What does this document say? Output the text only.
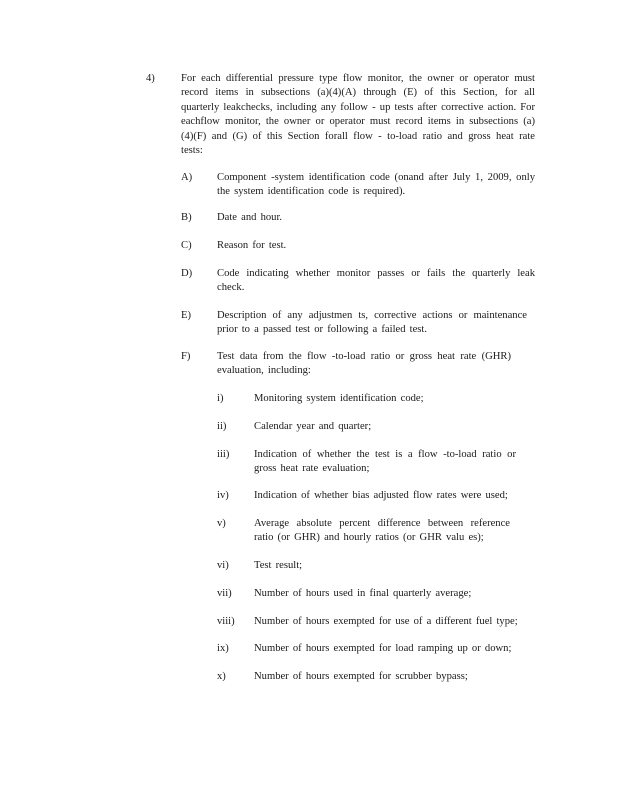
4) For each differential pressure type flow monitor, the owner or operator must record items in subsections (a)(4)(A) through (E) of this Section, for all quarterly leakchecks, including any follow - up tests after corrective action. For eachflow monitor, the owner or operator must record items in subsections (a)(4)(F) and (G) of this Section forall flow - to-load ratio and gross heat rate tests:
A) Component -system identification code (onand after July 1, 2009, only the system identification code is required).
B) Date and hour.
C) Reason for test.
D) Code indicating whether monitor passes or fails the quarterly leak check.
E) Description of any adjustmen ts, corrective actions or maintenance prior to a passed test or following a failed test.
F)	Test data from the flow -to-load ratio or gross heat rate (GHR) evaluation, including:
i)	Monitoring system identification code;
ii)	Calendar year and quarter;
iii) Indication of whether the test is a flow -to-load ratio or gross heat rate evaluation;
iv) Indication of whether bias adjusted flow rates were used;
v)	Average absolute percent difference between reference ratio (or GHR) and hourly ratios (or GHR valu es);
vi) Test result;
vii) Number of hours used in final quarterly average;
viii) Number of hours exempted for use of a different fuel type;
ix) Number of hours exempted for load ramping up or down;
x)	Number of hours exempted for scrubber bypass;
